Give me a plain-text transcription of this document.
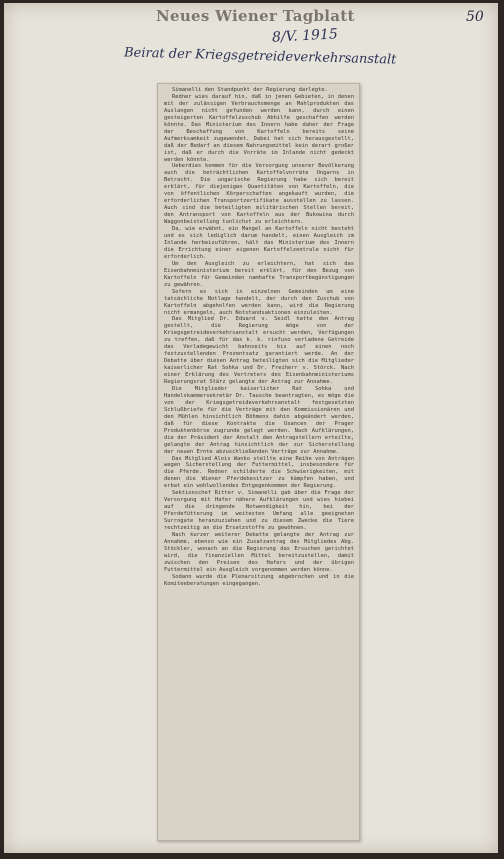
Neues Wiener Tagblatt	50
8/V. 1915
Beirat der Kriegsgetreideverkehrsanstalt

Simanelli den Standpunkt der Regierung darlegte.

Redner wies darauf hin, daß in jenen Gebieten, in denen mit der zulässigen Verbrauchsmenge an Mahlprodukten das Auslangen nicht gefunden werden kann, durch einen gesteigerten Kartoffelzuschub Abhilfe geschaffen werden könnte. Das Ministerium des Innern habe daher der Frage der Beschaffung von Kartoffeln bereits seine Aufmerksamkeit zugewendet. Dabei hat sich herausgestellt, daß der Bedarf an diesem Nahrungsmittel kein derart großer ist, daß er durch die Vorräte im Inlande nicht gedeckt werden könnte.

Ueberdies kommen für die Versorgung unserer Bevölkerung auch die beträchtlichen Kartoffelvorräte Ungarns in Betracht. Die ungarische Regierung habe sich bereit erklärt, für diejenigen Quantitäten von Kartoffeln, die von öffentlichen Körperschaften angekauft wurden, die erforderlichen Transportzertifikate ausstellen zu lassen. Auch sind die beteiligten militärischen Stellen bereit, den Antransport von Kartoffeln aus der Bukowina durch Waggonbeistellung tunlichst zu erleichtern.

Da, wie erwähnt, ein Mangel an Kartoffeln nicht besteht und es sich lediglich darum handelt, einen Ausgleich im Inlande herbeizuführen, hält das Ministerium des Innern die Errichtung einer eigenen Kartoffelzentrale nicht für erforderlich.

Um den Ausgleich zu erleichtern, hat sich das Eisenbahnministerium bereit erklärt, für den Bezug von Kartoffeln für Gemeinden namhafte Transportbegünstigungen zu gewähren.

Sofern es sich in einzelnen Gemeinden um eine tatsächliche Notlage handelt, der durch den Zuschub von Kartoffeln abgeholfen werden kann, wird die Regierung nicht ermangeln, auch Notstandsaktionen einzuleiten.

Das Mitglied Dr. Eduard v. Seidl hatte den Antrag gestellt, die Regierung möge von der Kriegsgetreideverkehrsanstalt ersucht werden, Verfügungen zu treffen, daß für das k. k. rinfuso verladene Getreide das Verladegewicht bahnseits bis auf einen noch festzustellenden Prozentsatz garantiert werde. An der Debatte über diesen Antrag beteiligten sich die Mitglieder kaiserlicher Rat Sohka und Dr. Freiherr v. Störck. Nach einer Erklärung des Vertreters des Eisenbahnministeriums Regierungsrat Stärz gelangte der Antrag zur Annahme.

Die Mitglieder kaiserlicher Rat Sohka und Handelskammersekretär Dr. Tausche beantragten, es möge die von der Kriegsgetreideverkehrsanstalt festgesetzten Schlußbriefe für die Verträge mit den Kommissionären und den Mühlen hinsichtlich Böhmens dahin abgeändert werden, daß für diese Kontrakte die Usancen der Prager Produktenbörse zugrunde gelegt werden. Nach Aufklärungen, die der Präsident der Anstalt den Antragstellern erteilte, gelangte der Antrag hinsichtlich der zur Sicherstellung der neuen Ernte abzuschließenden Verträge zur Annahme.

Das Mitglied Alois Wanko stellte eine Reihe von Anträgen wegen Sicherstellung der Futtermittel, insbesondere für die Pferde. Redner schilderte die Schwierigkeiten, mit denen die Wiener Pferdebesitzer zu kämpfen haben, und erbat ein wohlwollendes Entgegenkommen der Regierung.

Sektionschef Ritter v. Simanelli gab über die Frage der Versorgung mit Hafer nähere Aufklärungen und wies hiebei auf die dringende Notwendigkeit hin, bei der Pferdefütterung im weitesten Umfang alle geeigneten Surrogate heranzuziehen und zu diesem Zwecke die Tiere rechtzeitig an die Ersatzstoffe zu gewöhnen.

Nach kurzer weiterer Debatte gelangte der Antrag zur Annahme, ebenso wie ein Zusatzantrag des Mitgliedes Abg. Stöckler, wonach an die Regierung das Ersuchen gerichtet wird, die finanziellen Mittel bereitzustellen, damit zwischen den Preisen des Hafers und der übrigen Futtermittel ein Ausgleich vorgenommen werden könne.

Sodann wurde die Plenarsitzung abgebrochen und in die Komiteeberatungen eingegangen.
